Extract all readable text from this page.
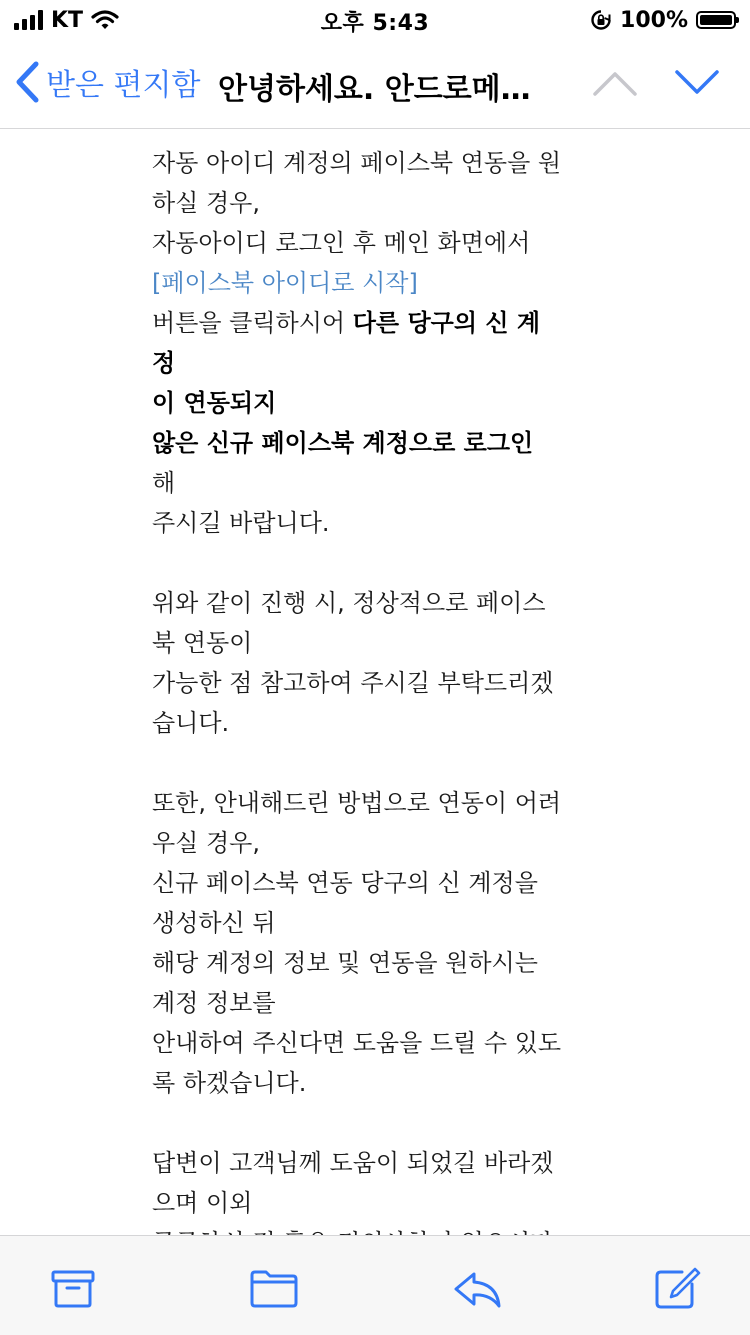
KT	오후 5:43	100%
받은 편지함 안녕하세요. 안드로메…

자동 아이디 계정의 페이스북 연동을 원

하실 경우,

자동아이디 로그인 후 메인 화면에서

[페이스북 아이디로 시작]

버튼을 클릭하시어 다른 당구의 신 계정

이 연동되지

않은 신규 페이스북 계정으로 로그인 해

주시길 바랍니다.

위와 같이 진행 시, 정상적으로 페이스

북 연동이

가능한 점 참고하여 주시길 부탁드리겠

습니다.

또한, 안내해드린 방법으로 연동이 어려

우실 경우,

신규 페이스북 연동 당구의 신 계정을

생성하신 뒤

해당 계정의 정보 및 연동을 원하시는

계정 정보를

안내하여 주신다면 도움을 드릴 수 있도

록 하겠습니다.

답변이 고객님께 도움이 되었길 바라겠

으며 이외
